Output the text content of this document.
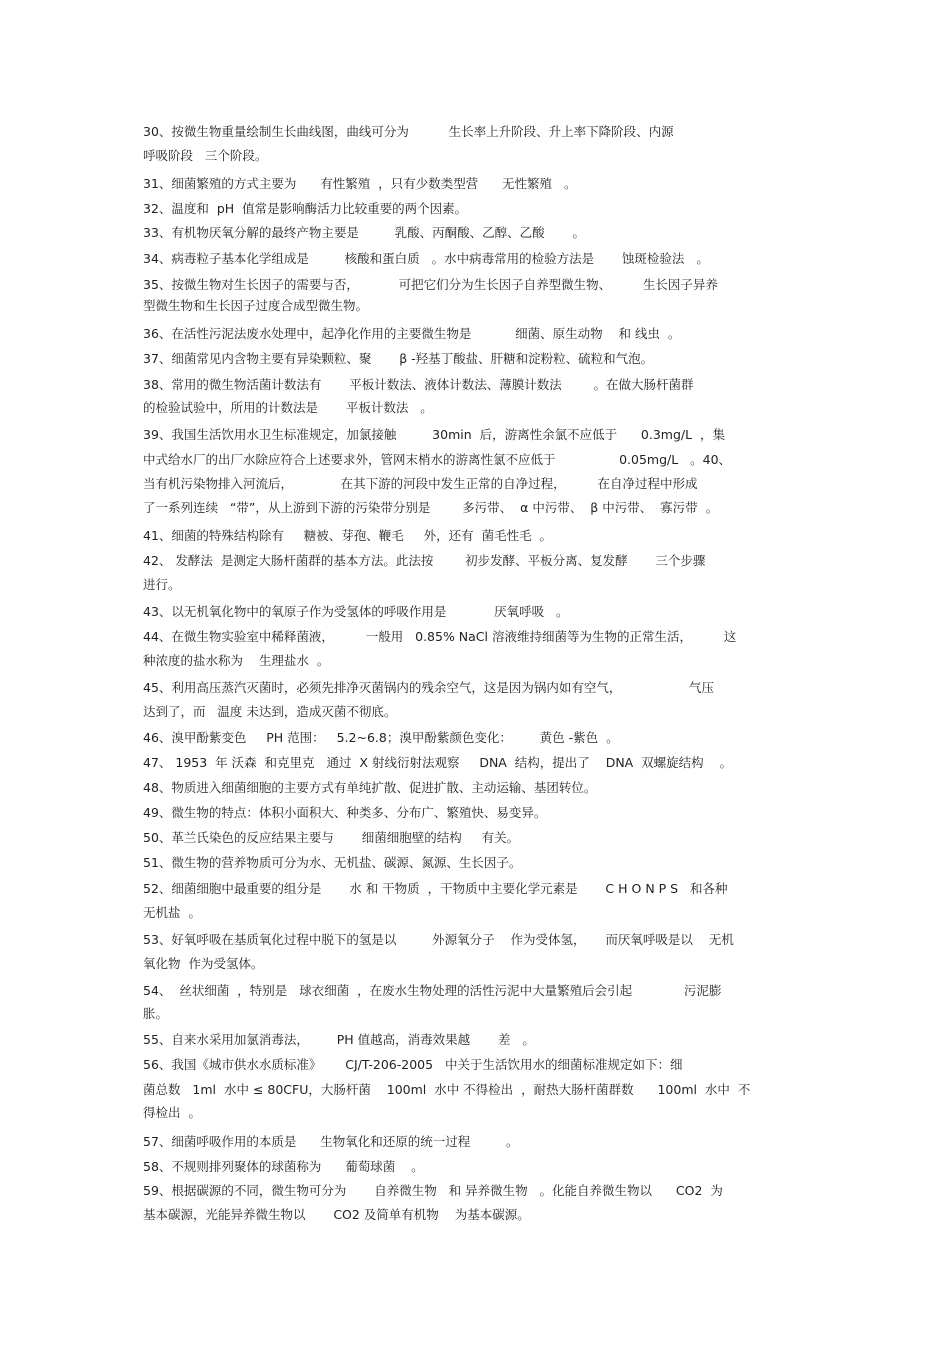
30、按微生物重量绘制生长曲线图，曲线可分为          生长率上升阶段、升上率下降阶段、内源
呼吸阶段   三个阶段。
31、细菌繁殖的方式主要为      有性繁殖  ，只有少数类型营      无性繁殖   。
32、温度和  pH  值常是影响酶活力比较重要的两个因素。
33、有机物厌氧分解的最终产物主要是         乳酸、丙酮酸、乙醇、乙酸       。
34、病毒粒子基本化学组成是         核酸和蛋白质   。水中病毒常用的检验方法是       蚀斑检验法   。
35、按微生物对生长因子的需要与否，          可把它们分为生长因子自养型微生物、        生长因子异养
型微生物和生长因子过度合成型微生物。
36、在活性污泥法废水处理中，起净化作用的主要微生物是           细菌、原生动物    和 线虫  。
37、细菌常见内含物主要有异染颗粒、聚       β -羟基丁酸盐、肝糖和淀粉粒、硫粒和气泡。
38、常用的微生物活菌计数法有       平板计数法、液体计数法、薄膜计数法        。在做大肠杆菌群
的检验试验中，所用的计数法是       平板计数法   。
39、我国生活饮用水卫生标准规定，加氯接触         30min  后，游离性余氯不应低于      0.3mg/L  ，集
中式给水厂的出厂水除应符合上述要求外，管网末梢水的游离性氯不应低于                0.05mg/L   。40、
当有机污染物排入河流后，            在其下游的河段中发生正常的自净过程，        在自净过程中形成
了一系列连续   “带”，从上游到下游的污染带分别是        多污带、  α 中污带、  β 中污带、  寡污带  。
41、细菌的特殊结构除有     糖被、芽孢、鞭毛     外，还有  菌毛性毛  。
42、 发酵法  是测定大肠杆菌群的基本方法。此法按        初步发酵、平板分离、复发酵       三个步骤
进行。
43、以无机氧化物中的氧原子作为受氢体的呼吸作用是            厌氧呼吸   。
44、在微生物实验室中稀释菌液，        一般用   0.85% NaCl 溶液维持细菌等为生物的正常生活，        这
种浓度的盐水称为    生理盐水  。
45、利用高压蒸汽灭菌时，必须先排净灭菌锅内的残余空气，这是因为锅内如有空气，                 气压
达到了，而   温度 未达到，造成灭菌不彻底。
46、溴甲酚紫变色     PH 范围：   5.2~6.8；溴甲酚紫颜色变化：       黄色 -紫色  。
47、 1953  年 沃森  和克里克   通过  X 射线衍射法观察     DNA  结构，提出了    DNA  双螺旋结构    。
48、物质进入细菌细胞的主要方式有单纯扩散、促进扩散、主动运输、基团转位。
49、微生物的特点：体积小面积大、种类多、分布广、繁殖快、易变异。
50、革兰氏染色的反应结果主要与       细菌细胞壁的结构     有关。
51、微生物的营养物质可分为水、无机盐、碳源、氮源、生长因子。
52、细菌细胞中最重要的组分是       水 和 干物质  ，干物质中主要化学元素是       C H O N P S   和各种
无机盐  。
53、好氧呼吸在基质氧化过程中脱下的氢是以         外源氧分子    作为受体氢，     而厌氧呼吸是以    无机
氧化物  作为受氢体。
54、  丝状细菌  ，特别是   球衣细菌  ，在废水生物处理的活性污泥中大量繁殖后会引起             污泥膨
胀。
55、自来水采用加氯消毒法，       PH 值越高，消毒效果越       差   。
56、我国《城市供水水质标准》      CJ/T-206-2005   中关于生活饮用水的细菌标准规定如下：细
菌总数   1ml  水中 ≤ 80CFU，大肠杆菌    100ml  水中 不得检出  ，耐热大肠杆菌群数      100ml  水中  不
得检出  。
57、细菌呼吸作用的本质是      生物氧化和还原的统一过程         。
58、不规则排列聚体的球菌称为      葡萄球菌    。
59、根据碳源的不同，微生物可分为       自养微生物   和 异养微生物   。化能自养微生物以      CO2  为
基本碳源，光能异养微生物以       CO2 及简单有机物    为基本碳源。
